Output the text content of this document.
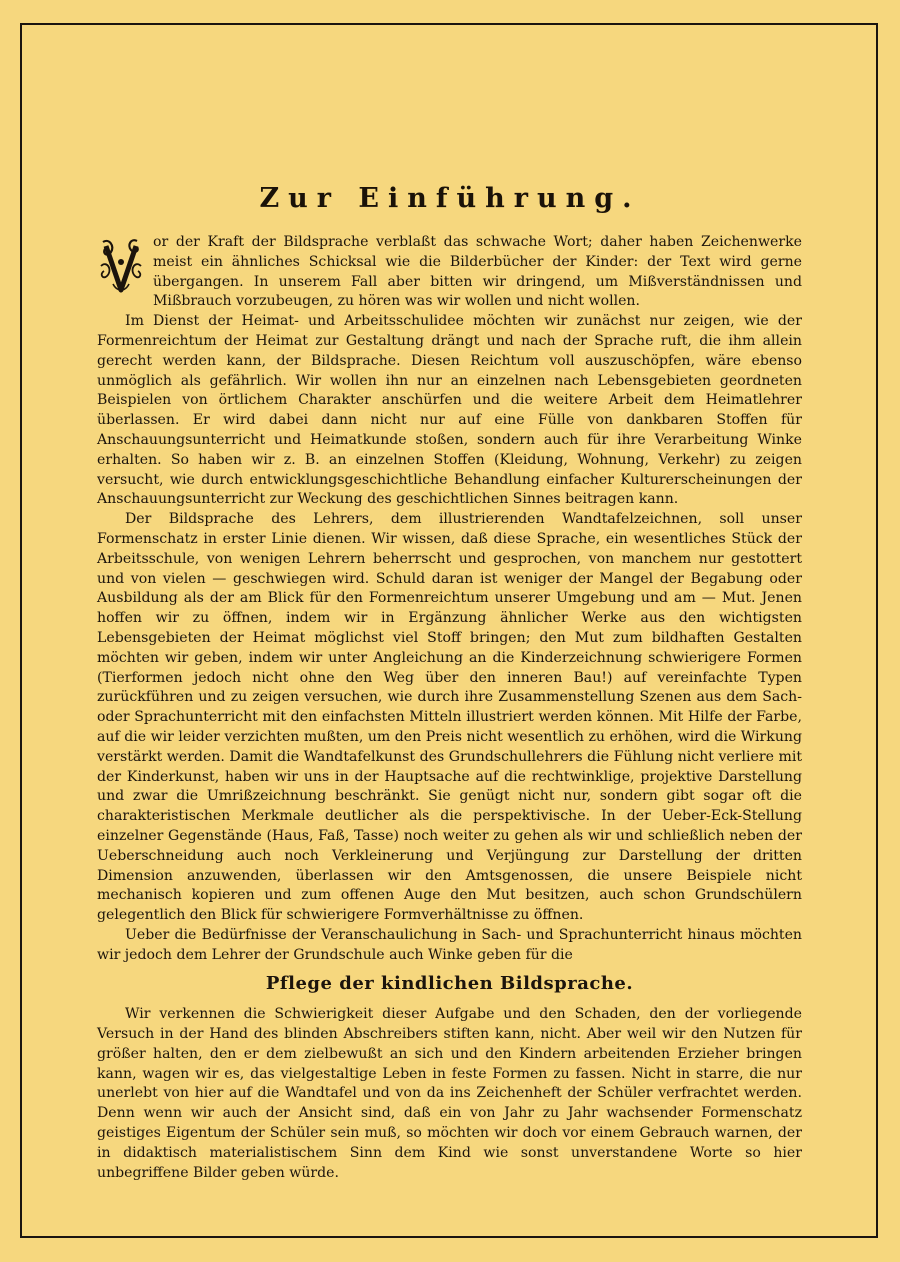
Zur Einführung.

or der Kraft der Bildsprache verblaßt das schwache Wort; daher haben Zeichenwerke meist ein ähnliches Schicksal wie die Bilderbücher der Kinder: der Text wird gerne übergangen. In unserem Fall aber bitten wir dringend, um Mißverständnissen und Mißbrauch vorzubeugen, zu hören was wir wollen und nicht wollen.

Im Dienst der Heimat- und Arbeitsschulidee möchten wir zunächst nur zeigen, wie der Formenreichtum der Heimat zur Gestaltung drängt und nach der Sprache ruft, die ihm allein gerecht werden kann, der Bildsprache. Diesen Reichtum voll auszuschöpfen, wäre ebenso unmöglich als gefährlich. Wir wollen ihn nur an einzelnen nach Lebensgebieten geordneten Beispielen von örtlichem Charakter anschürfen und die weitere Arbeit dem Heimatlehrer überlassen. Er wird dabei dann nicht nur auf eine Fülle von dankbaren Stoffen für Anschauungsunterricht und Heimatkunde stoßen, sondern auch für ihre Verarbeitung Winke erhalten. So haben wir z. B. an einzelnen Stoffen (Kleidung, Wohnung, Verkehr) zu zeigen versucht, wie durch entwicklungsgeschichtliche Behandlung einfacher Kulturerscheinungen der Anschauungsunterricht zur Weckung des geschichtlichen Sinnes beitragen kann.

Der Bildsprache des Lehrers, dem illustrierenden Wandtafelzeichnen, soll unser Formenschatz in erster Linie dienen. Wir wissen, daß diese Sprache, ein wesentliches Stück der Arbeitsschule, von wenigen Lehrern beherrscht und gesprochen, von manchem nur gestottert und von vielen — geschwiegen wird. Schuld daran ist weniger der Mangel der Begabung oder Ausbildung als der am Blick für den Formenreichtum unserer Umgebung und am — Mut. Jenen hoffen wir zu öffnen, indem wir in Ergänzung ähnlicher Werke aus den wichtigsten Lebensgebieten der Heimat möglichst viel Stoff bringen; den Mut zum bildhaften Gestalten möchten wir geben, indem wir unter Angleichung an die Kinderzeichnung schwierigere Formen (Tierformen jedoch nicht ohne den Weg über den inneren Bau!) auf vereinfachte Typen zurückführen und zu zeigen versuchen, wie durch ihre Zusammenstellung Szenen aus dem Sach- oder Sprachunterricht mit den einfachsten Mitteln illustriert werden können. Mit Hilfe der Farbe, auf die wir leider verzichten mußten, um den Preis nicht wesentlich zu erhöhen, wird die Wirkung verstärkt werden. Damit die Wandtafelkunst des Grundschullehrers die Fühlung nicht verliere mit der Kinderkunst, haben wir uns in der Hauptsache auf die rechtwinklige, projektive Darstellung und zwar die Umrißzeichnung beschränkt. Sie genügt nicht nur, sondern gibt sogar oft die charakteristischen Merkmale deutlicher als die perspektivische. In der Ueber-Eck-Stellung einzelner Gegenstände (Haus, Faß, Tasse) noch weiter zu gehen als wir und schließlich neben der Ueberschneidung auch noch Verkleinerung und Verjüngung zur Darstellung der dritten Dimension anzuwenden, überlassen wir den Amtsgenossen, die unsere Beispiele nicht mechanisch kopieren und zum offenen Auge den Mut besitzen, auch schon Grundschülern gelegentlich den Blick für schwierigere Formverhältnisse zu öffnen.

Ueber die Bedürfnisse der Veranschaulichung in Sach- und Sprachunterricht hinaus möchten wir jedoch dem Lehrer der Grundschule auch Winke geben für die

Pflege der kindlichen Bildsprache.

Wir verkennen die Schwierigkeit dieser Aufgabe und den Schaden, den der vorliegende Versuch in der Hand des blinden Abschreibers stiften kann, nicht. Aber weil wir den Nutzen für größer halten, den er dem zielbewußt an sich und den Kindern arbeitenden Erzieher bringen kann, wagen wir es, das vielgestaltige Leben in feste Formen zu fassen. Nicht in starre, die nur unerlebt von hier auf die Wandtafel und von da ins Zeichenheft der Schüler verfrachtet werden. Denn wenn wir auch der Ansicht sind, daß ein von Jahr zu Jahr wachsender Formenschatz geistiges Eigentum der Schüler sein muß, so möchten wir doch vor einem Gebrauch warnen, der in didaktisch materialistischem Sinn dem Kind wie sonst unverstandene Worte so hier unbegriffene Bilder geben würde.
